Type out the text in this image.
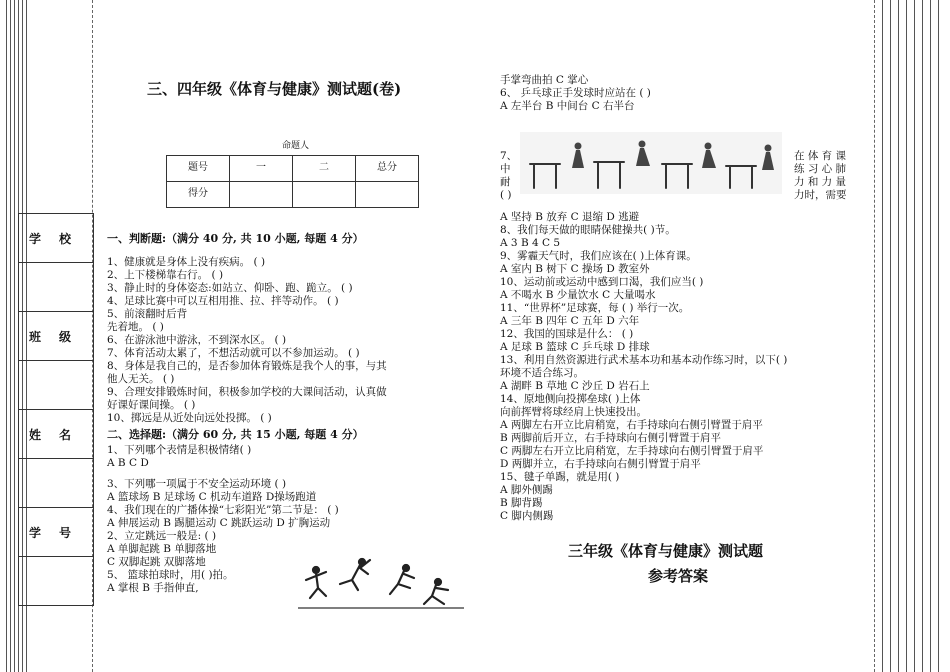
学 校
班 级
姓 名
学 号
三、四年级《体育与健康》测试题(卷)
命题人
题号	一	二	总分
得分			
一、判断题:（满分 40 分, 共 10 小题, 每题 4 分）
1、健康就是身体上没有疾病。 ( )
2、上下楼梯靠右行。 ( )
3、静止时的身体姿态:如站立、仰卧、跑、跪立。 ( )
4、足球比赛中可以互相用推、拉、拌等动作。 ( )
5、前滚翻时后背
先着地。 ( )
6、在游泳池中游泳，不到深水区。 ( )
7、体育活动太累了，不想活动就可以不参加运动。 ( )
8、身体是我自己的，是否参加体育锻炼是我个人的事，与其
他人无关。 ( )
9、合理安排锻炼时间，积极参加学校的大课间活动，认真做
好课好课间操。 ( )
10、掷远是从近处向远处投掷。 ( )
二、选择题:（满分 60 分, 共 15 小题, 每题 4 分）
1、下列哪个表情是积极情绪( )
A B C D
3、下列哪一项属于不安全运动环境 ( )
A 篮球场 B 足球场 C 机动车道路 D操场跑道
4、我们现在的广播体操“七彩阳光”第二节是： ( )
A 伸展运动 B 踢腿运动 C 跳跃运动 D 扩胸运动
2、立定跳远一般是: ( )
A 单脚起跳 B 单脚落地
C 双脚起跳 双脚落地
5、 篮球拍球时，用( )拍。
A 掌根 B 手指伸直,
手掌弯曲拍 C 掌心
6、 乒乓球正手发球时应站在 ( )
A 左半台 B 中间台 C 右半台
7、
中
耐
( )
在 体 育 课
练 习 心 肺
力 和 力 量
力时，需要
A 坚持 B 放弃 C 退缩 D 逃避
8、我们每天做的眼睛保健操共( )节。
A 3 B 4 C 5
9、雾霾天气时，我们应该在( )上体育课。
A 室内 B 树下 C 操场 D 教室外
10、运动前或运动中感到口渴，我们应当( )
A 不喝水 B 少量饮水 C 大量喝水
11、“世界杯”足球赛，每 ( ) 举行一次。
A 三年 B 四年 C 五年 D 六年
12、我国的国球是什么： ( )
A 足球 B 篮球 C 乒乓球 D 排球
13、利用自然资源进行武术基本功和基本动作练习时，以下( )
环境不适合练习。
A 湖畔 B 草地 C 沙丘 D 岩石上
14、原地侧向投掷垒球( )上体
向前挥臂将球经肩上快速投出。
A 两脚左右开立比肩稍宽，右手持球向右侧引臂置于肩平
B 两脚前后开立，右手持球向右侧引臂置于肩平
C 两脚左右开立比肩稍宽，左手持球向右侧引臂置于肩平
D 两脚并立，右手持球向右侧引臂置于肩平
15、毽子单踢，就是用( )
A 脚外侧踢
B 脚背踢
C 脚内侧踢
三年级《体育与健康》测试题
参考答案
